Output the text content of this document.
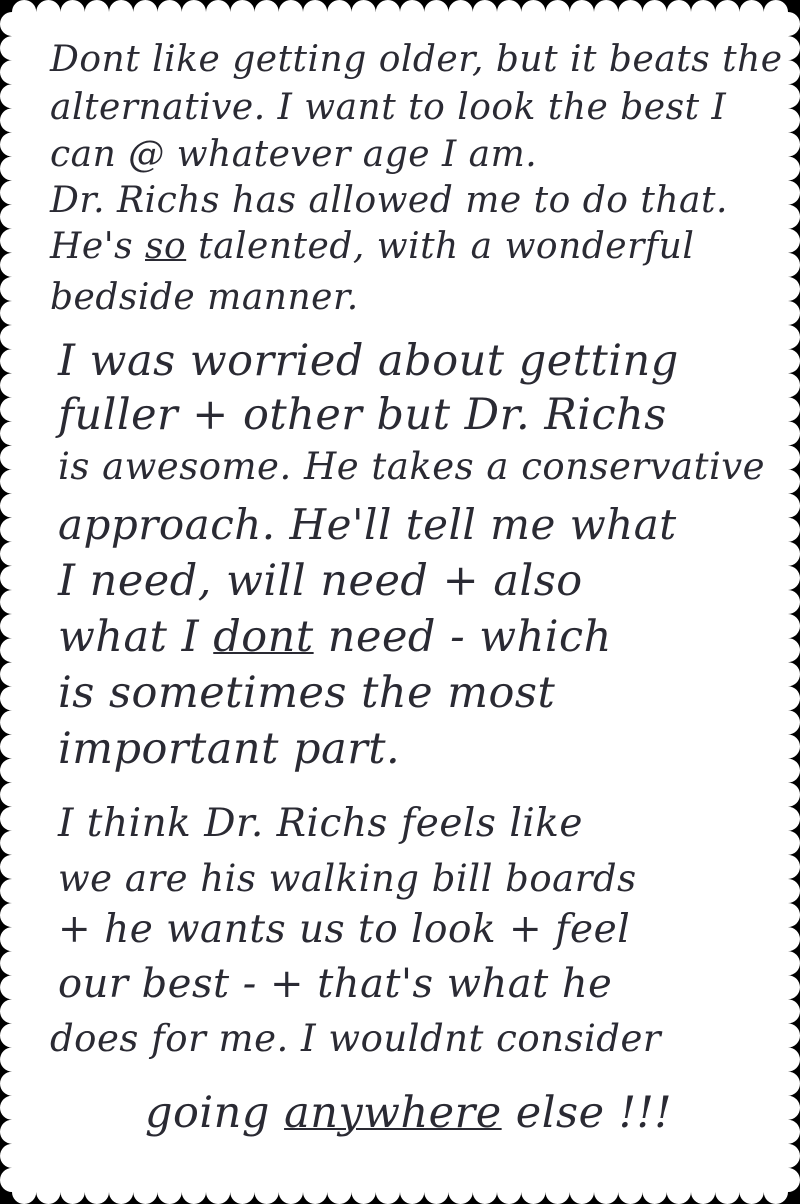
Dont like getting older, but it beats the
alternative. I want to look the best I
can @ whatever age I am.
Dr. Richs has allowed me to do that.
He's so talented, with a wonderful
bedside manner.
I was worried about getting
fuller + other but Dr. Richs
is awesome. He takes a conservative
approach. He'll tell me what
I need, will need + also
what I dont need - which
is sometimes the most
important part.
I think Dr. Richs feels like
we are his walking bill boards
+ he wants us to look + feel
our best - + that's what he
does for me. I wouldnt consider
going anywhere else !!!
